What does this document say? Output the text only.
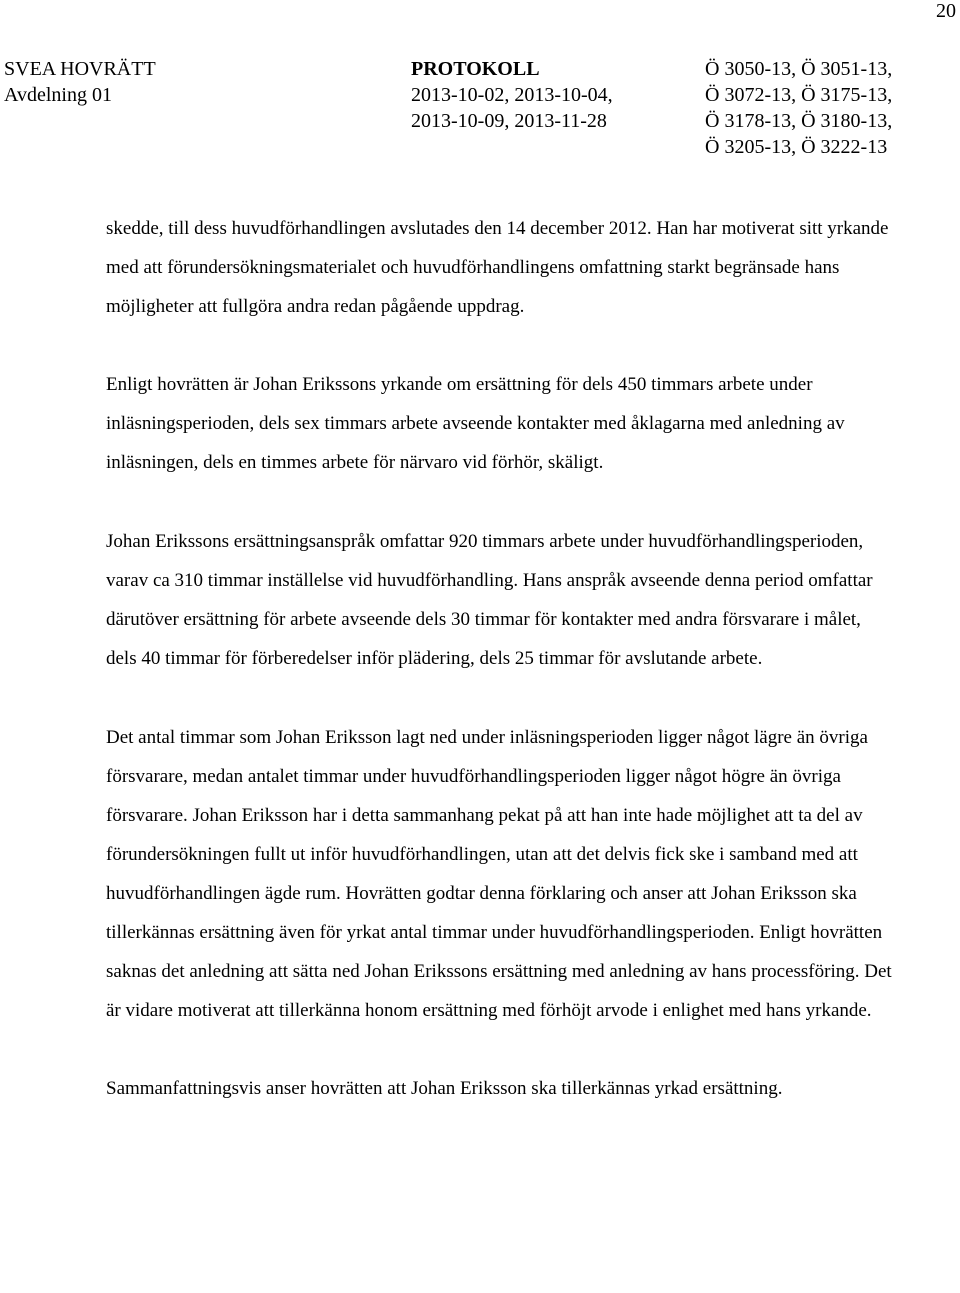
20
SVEA HOVRÄTT
Avdelning 01
PROTOKOLL
2013-10-02, 2013-10-04,
2013-10-09, 2013-11-28
Ö 3050-13, Ö 3051-13,
Ö 3072-13, Ö 3175-13,
Ö 3178-13, Ö 3180-13,
Ö 3205-13, Ö 3222-13

skedde, till dess huvudförhandlingen avslutades den 14 december 2012. Han har motiverat sitt yrkande med att förundersökningsmaterialet och huvudförhandlingens omfattning starkt begränsade hans möjligheter att fullgöra andra redan pågående uppdrag.

Enligt hovrätten är Johan Erikssons yrkande om ersättning för dels 450 timmars arbete under inläsningsperioden, dels sex timmars arbete avseende kontakter med åklagarna med anledning av inläsningen, dels en timmes arbete för närvaro vid förhör, skäligt.

Johan Erikssons ersättningsanspråk omfattar 920 timmars arbete under huvudförhandlingsperioden, varav ca 310 timmar inställelse vid huvudförhandling. Hans anspråk avseende denna period omfattar därutöver ersättning för arbete avseende dels 30 timmar för kontakter med andra försvarare i målet, dels 40 timmar för förberedelser inför plädering, dels 25 timmar för avslutande arbete.

Det antal timmar som Johan Eriksson lagt ned under inläsningsperioden ligger något lägre än övriga försvarare, medan antalet timmar under huvudförhandlingsperioden ligger något högre än övriga försvarare. Johan Eriksson har i detta sammanhang pekat på att han inte hade möjlighet att ta del av förundersökningen fullt ut inför huvudförhandlingen, utan att det delvis fick ske i samband med att huvudförhandlingen ägde rum. Hovrätten godtar denna förklaring och anser att Johan Eriksson ska tillerkännas ersättning även för yrkat antal timmar under huvudförhandlingsperioden. Enligt hovrätten saknas det anledning att sätta ned Johan Erikssons ersättning med anledning av hans processföring. Det är vidare motiverat att tillerkänna honom ersättning med förhöjt arvode i enlighet med hans yrkande.

Sammanfattningsvis anser hovrätten att Johan Eriksson ska tillerkännas yrkad ersättning.
